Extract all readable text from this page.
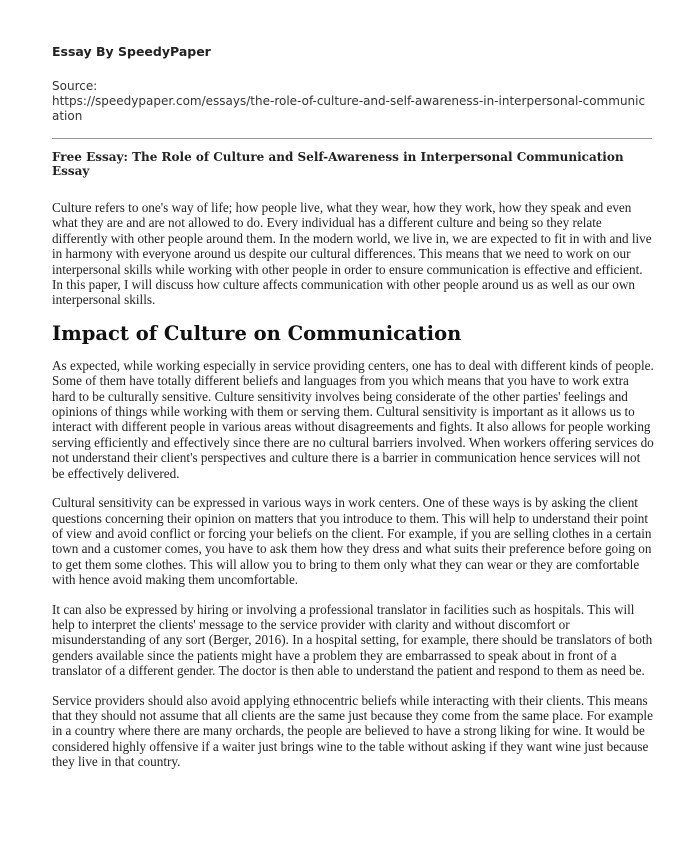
Essay By SpeedyPaper
Source:
https://speedypaper.com/essays/the-role-of-culture-and-self-awareness-in-interpersonal-communication
Free Essay: The Role of Culture and Self-Awareness in Interpersonal Communication Essay

Culture refers to one's way of life; how people live, what they wear, how they work, how they speak and even what they are and are not allowed to do. Every individual has a different culture and being so they relate differently with other people around them. In the modern world, we live in, we are expected to fit in with and live in harmony with everyone around us despite our cultural differences. This means that we need to work on our interpersonal skills while working with other people in order to ensure communication is effective and efficient. In this paper, I will discuss how culture affects communication with other people around us as well as our own interpersonal skills.

Impact of Culture on Communication

As expected, while working especially in service providing centers, one has to deal with different kinds of people. Some of them have totally different beliefs and languages from you which means that you have to work extra hard to be culturally sensitive. Culture sensitivity involves being considerate of the other parties' feelings and opinions of things while working with them or serving them. Cultural sensitivity is important as it allows us to interact with different people in various areas without disagreements and fights. It also allows for people working serving efficiently and effectively since there are no cultural barriers involved. When workers offering services do not understand their client's perspectives and culture there is a barrier in communication hence services will not be effectively delivered.

Cultural sensitivity can be expressed in various ways in work centers. One of these ways is by asking the client questions concerning their opinion on matters that you introduce to them. This will help to understand their point of view and avoid conflict or forcing your beliefs on the client. For example, if you are selling clothes in a certain town and a customer comes, you have to ask them how they dress and what suits their preference before going on to get them some clothes. This will allow you to bring to them only what they can wear or they are comfortable with hence avoid making them uncomfortable.

It can also be expressed by hiring or involving a professional translator in facilities such as hospitals. This will help to interpret the clients' message to the service provider with clarity and without discomfort or misunderstanding of any sort (Berger, 2016). In a hospital setting, for example, there should be translators of both genders available since the patients might have a problem they are embarrassed to speak about in front of a translator of a different gender. The doctor is then able to understand the patient and respond to them as need be.

Service providers should also avoid applying ethnocentric beliefs while interacting with their clients. This means that they should not assume that all clients are the same just because they come from the same place. For example in a country where there are many orchards, the people are believed to have a strong liking for wine. It would be considered highly offensive if a waiter just brings wine to the table without asking if they want wine just because they live in that country.
